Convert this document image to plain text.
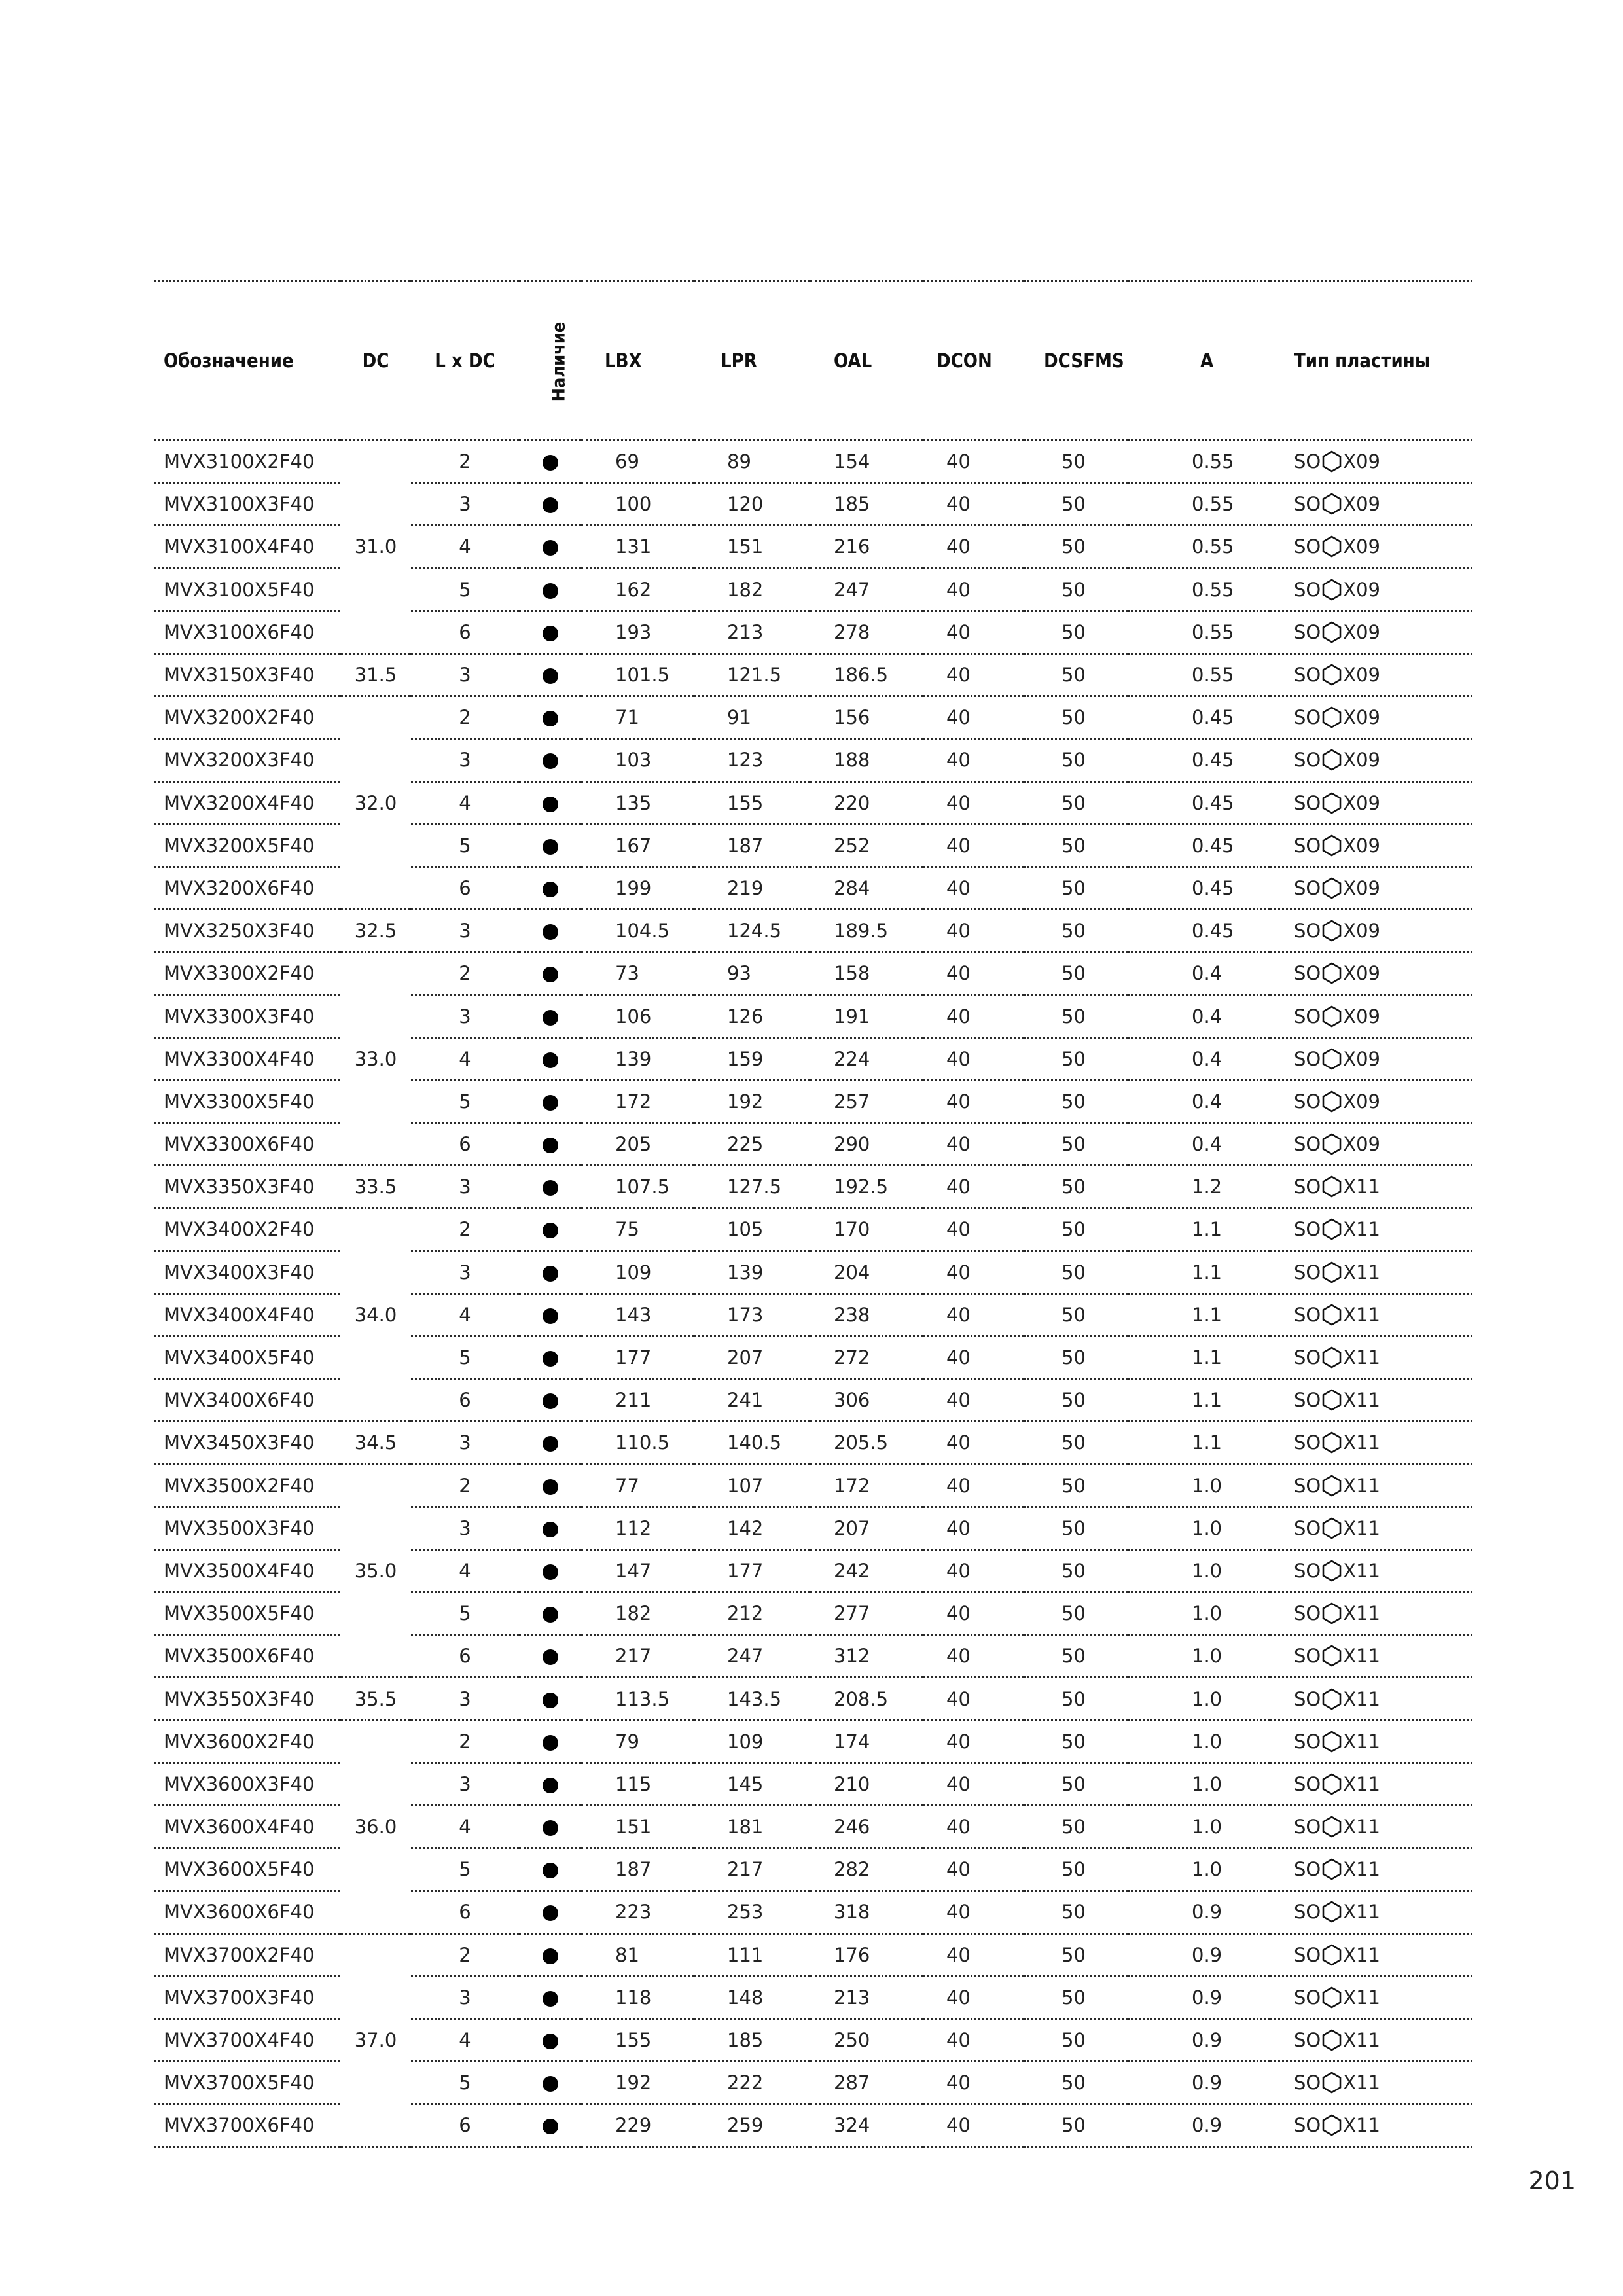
Обозначение	DC	L x DC	Наличие	LBX	LPR	OAL	DCON	DCSFMS	A	Тип пластины
MVX3100X2F40	31.0	2		69	89	154	40	50	0.55	SO X09

MVX3100X3F40		3		100	120	185	40	50	0.55	SO X09

MVX3100X4F40		4		131	151	216	40	50	0.55	SO X09

MVX3100X5F40		5		162	182	247	40	50	0.55	SO X09

MVX3100X6F40		6		193	213	278	40	50	0.55	SO X09

MVX3150X3F40	31.5	3		101.5	121.5	186.5	40	50	0.55	SO X09

MVX3200X2F40	32.0	2		71	91	156	40	50	0.45	SO X09

MVX3200X3F40		3		103	123	188	40	50	0.45	SO X09

MVX3200X4F40		4		135	155	220	40	50	0.45	SO X09

MVX3200X5F40		5		167	187	252	40	50	0.45	SO X09

MVX3200X6F40		6		199	219	284	40	50	0.45	SO X09

MVX3250X3F40	32.5	3		104.5	124.5	189.5	40	50	0.45	SO X09

MVX3300X2F40	33.0	2		73	93	158	40	50	0.4	SO X09

MVX3300X3F40		3		106	126	191	40	50	0.4	SO X09

MVX3300X4F40		4		139	159	224	40	50	0.4	SO X09

MVX3300X5F40		5		172	192	257	40	50	0.4	SO X09

MVX3300X6F40		6		205	225	290	40	50	0.4	SO X09

MVX3350X3F40	33.5	3		107.5	127.5	192.5	40	50	1.2	SO X11

MVX3400X2F40	34.0	2		75	105	170	40	50	1.1	SO X11

MVX3400X3F40		3		109	139	204	40	50	1.1	SO X11

MVX3400X4F40		4		143	173	238	40	50	1.1	SO X11

MVX3400X5F40		5		177	207	272	40	50	1.1	SO X11

MVX3400X6F40		6		211	241	306	40	50	1.1	SO X11

MVX3450X3F40	34.5	3		110.5	140.5	205.5	40	50	1.1	SO X11

MVX3500X2F40	35.0	2		77	107	172	40	50	1.0	SO X11

MVX3500X3F40		3		112	142	207	40	50	1.0	SO X11

MVX3500X4F40		4		147	177	242	40	50	1.0	SO X11

MVX3500X5F40		5		182	212	277	40	50	1.0	SO X11

MVX3500X6F40		6		217	247	312	40	50	1.0	SO X11

MVX3550X3F40	35.5	3		113.5	143.5	208.5	40	50	1.0	SO X11

MVX3600X2F40	36.0	2		79	109	174	40	50	1.0	SO X11

MVX3600X3F40		3		115	145	210	40	50	1.0	SO X11

MVX3600X4F40		4		151	181	246	40	50	1.0	SO X11

MVX3600X5F40		5		187	217	282	40	50	1.0	SO X11

MVX3600X6F40		6		223	253	318	40	50	0.9	SO X11

MVX3700X2F40	37.0	2		81	111	176	40	50	0.9	SO X11

MVX3700X3F40		3		118	148	213	40	50	0.9	SO X11

MVX3700X4F40		4		155	185	250	40	50	0.9	SO X11

MVX3700X5F40		5		192	222	287	40	50	0.9	SO X11

MVX3700X6F40		6		229	259	324	40	50	0.9	SO X11
201
